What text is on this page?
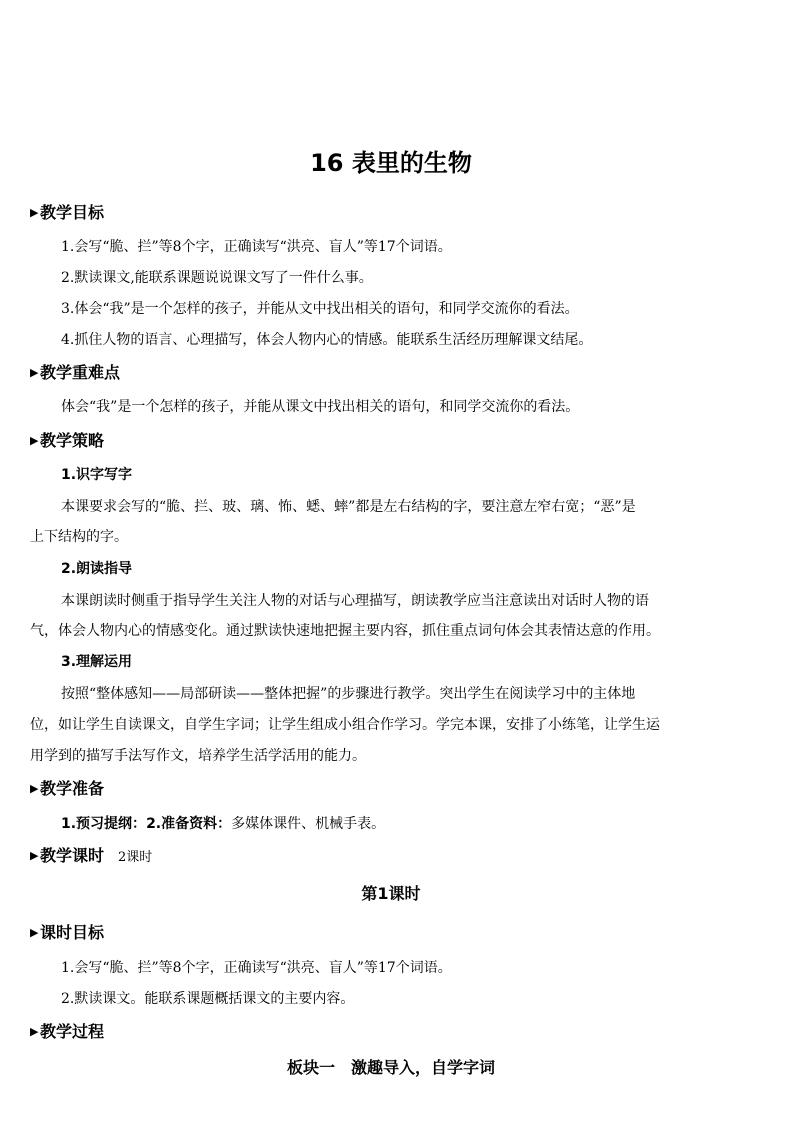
16 表里的生物
▶教学目标
1.会写“脆、拦”等8个字，正确读写“洪亮、盲人”等17个词语。
2.默读课文,能联系课题说说课文写了一件什么事。
3.体会“我”是一个怎样的孩子，并能从文中找出相关的语句，和同学交流你的看法。
4.抓住人物的语言、心理描写，体会人物内心的情感。能联系生活经历理解课文结尾。
▶教学重难点
体会“我”是一个怎样的孩子，并能从课文中找出相关的语句，和同学交流你的看法。
▶教学策略
1.识字写字
本课要求会写的“脆、拦、玻、璃、怖、蟋、蟀”都是左右结构的字，要注意左窄右宽；“恶”是
上下结构的字。
2.朗读指导
本课朗读时侧重于指导学生关注人物的对话与心理描写，朗读教学应当注意读出对话时人物的语
气，体会人物内心的情感变化。通过默读快速地把握主要内容，抓住重点词句体会其表情达意的作用。
3.理解运用
按照“整体感知——局部研读——整体把握”的步骤进行教学。突出学生在阅读学习中的主体地
位，如让学生自读课文，自学生字词；让学生组成小组合作学习。学完本课，安排了小练笔，让学生运
用学到的描写手法写作文，培养学生活学活用的能力。
▶教学准备
1.预习提纲：2.准备资料：多媒体课件、机械手表。
▶教学课时 2课时
第1课时
▶课时目标
1.会写“脆、拦”等8个字，正确读写“洪亮、盲人”等17个词语。
2.默读课文。能联系课题概括课文的主要内容。
▶教学过程
板块一　激趣导入，自学字词
